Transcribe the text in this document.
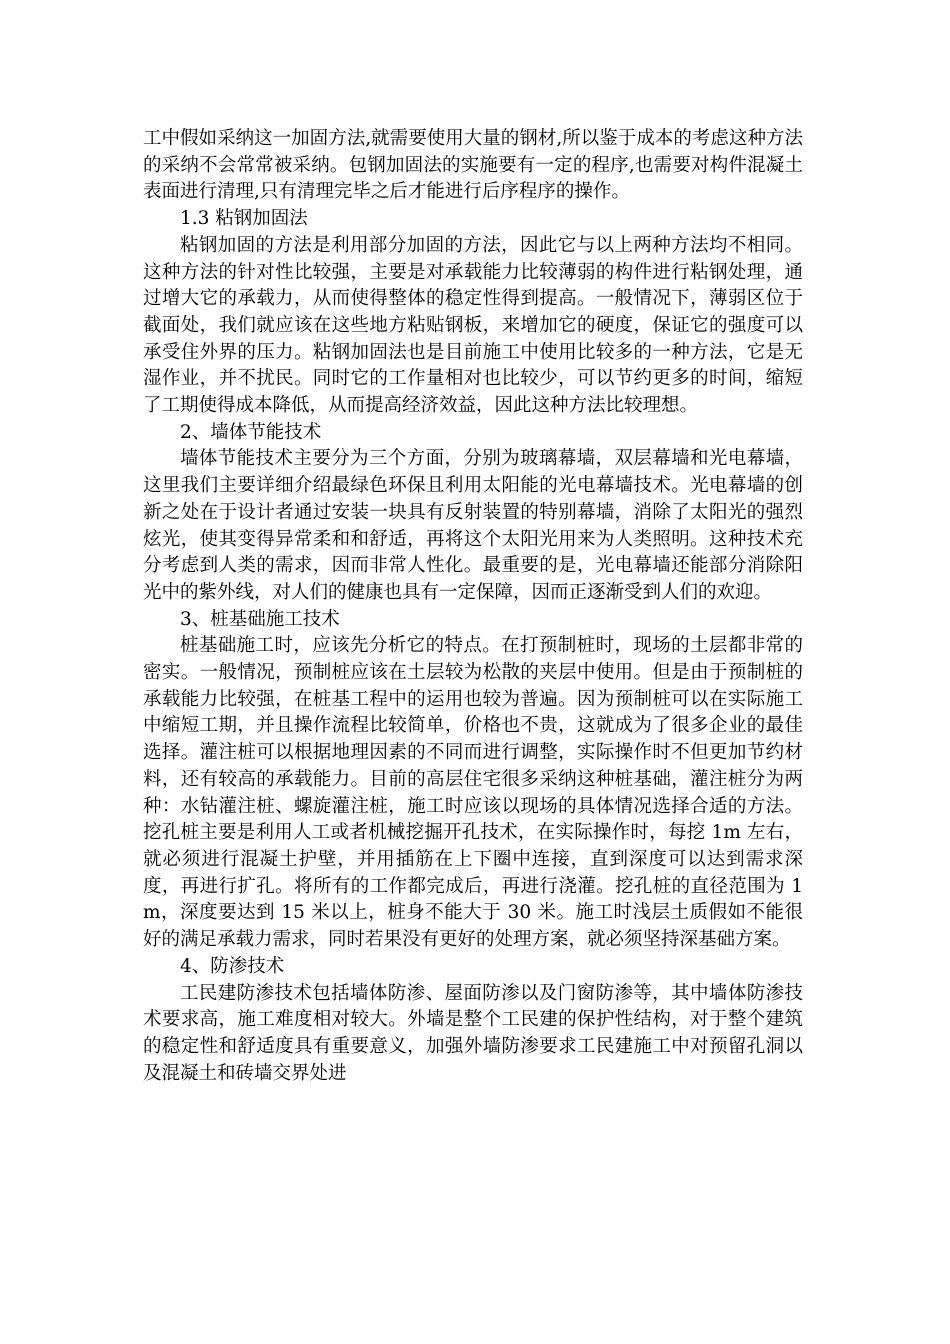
工中假如采纳这一加固方法,就需要使用大量的钢材,所以鉴于成本的考虑这种方法的采纳不会常常被采纳。包钢加固法的实施要有一定的程序,也需要对构件混凝土表面进行清理,只有清理完毕之后才能进行后序程序的操作。

1.3 粘钢加固法

粘钢加固的方法是利用部分加固的方法，因此它与以上两种方法均不相同。这种方法的针对性比较强，主要是对承载能力比较薄弱的构件进行粘钢处理，通过增大它的承载力，从而使得整体的稳定性得到提高。一般情况下，薄弱区位于截面处，我们就应该在这些地方粘贴钢板，来增加它的硬度，保证它的强度可以承受住外界的压力。粘钢加固法也是目前施工中使用比较多的一种方法，它是无湿作业，并不扰民。同时它的工作量相对也比较少，可以节约更多的时间，缩短了工期使得成本降低，从而提高经济效益，因此这种方法比较理想。

2、墙体节能技术

墙体节能技术主要分为三个方面，分别为玻璃幕墙，双层幕墙和光电幕墙，这里我们主要详细介绍最绿色环保且利用太阳能的光电幕墙技术。光电幕墙的创新之处在于设计者通过安装一块具有反射装置的特别幕墙，消除了太阳光的强烈炫光，使其变得异常柔和和舒适，再将这个太阳光用来为人类照明。这种技术充分考虑到人类的需求，因而非常人性化。最重要的是，光电幕墙还能部分消除阳光中的紫外线，对人们的健康也具有一定保障，因而正逐渐受到人们的欢迎。

3、桩基础施工技术

桩基础施工时，应该先分析它的特点。在打预制桩时，现场的土层都非常的密实。一般情况，预制桩应该在土层较为松散的夹层中使用。但是由于预制桩的承载能力比较强，在桩基工程中的运用也较为普遍。因为预制桩可以在实际施工中缩短工期，并且操作流程比较简单，价格也不贵，这就成为了很多企业的最佳选择。灌注桩可以根据地理因素的不同而进行调整，实际操作时不但更加节约材料，还有较高的承载能力。目前的高层住宅很多采纳这种桩基础，灌注桩分为两种：水钻灌注桩、螺旋灌注桩，施工时应该以现场的具体情况选择合适的方法。挖孔桩主要是利用人工或者机械挖掘开孔技术，在实际操作时，每挖 1m 左右，就必须进行混凝土护壁，并用插筋在上下圈中连接，直到深度可以达到需求深度，再进行扩孔。将所有的工作都完成后，再进行浇灌。挖孔桩的直径范围为 1m，深度要达到 15 米以上，桩身不能大于 30 米。施工时浅层土质假如不能很好的满足承载力需求，同时若果没有更好的处理方案，就必须坚持深基础方案。

4、防渗技术

工民建防渗技术包括墙体防渗、屋面防渗以及门窗防渗等，其中墙体防渗技术要求高，施工难度相对较大。外墙是整个工民建的保护性结构，对于整个建筑的稳定性和舒适度具有重要意义，加强外墙防渗要求工民建施工中对预留孔洞以及混凝土和砖墙交界处进
